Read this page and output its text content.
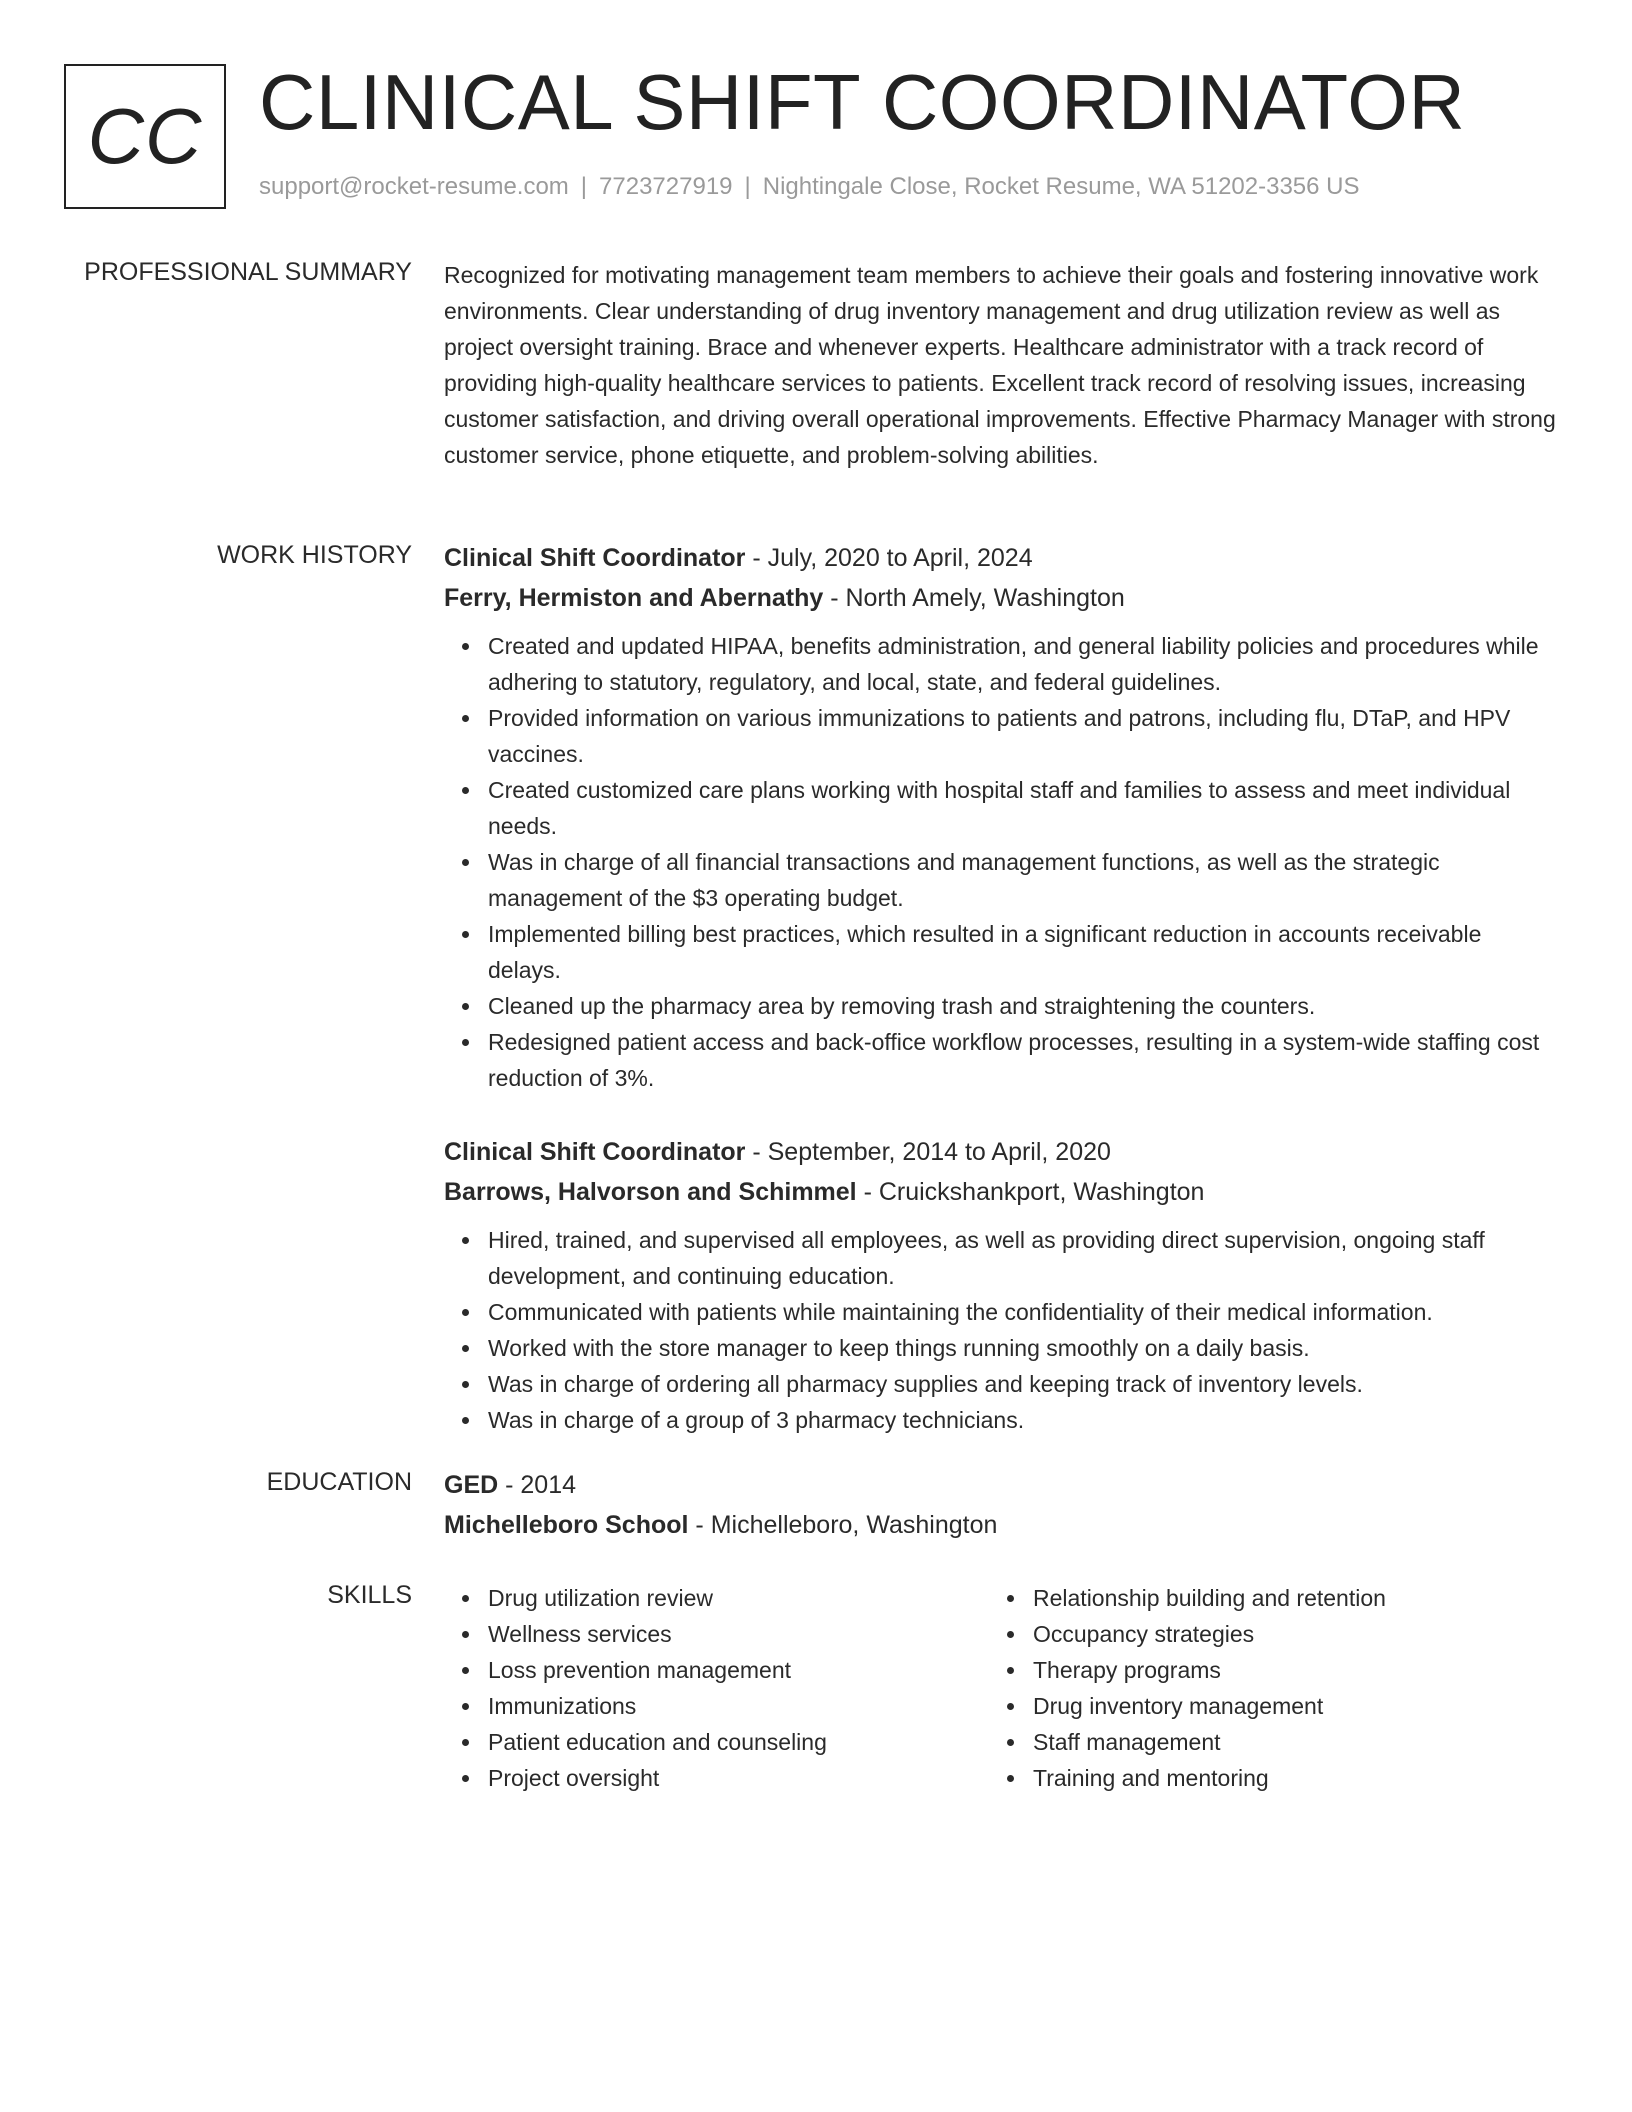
CC CLINICAL SHIFT COORDINATOR
support@rocket-resume.com | 7723727919 | Nightingale Close, Rocket Resume, WA 51202-3356 US
PROFESSIONAL SUMMARY Recognized for motivating management team members to achieve their goals and fostering innovative work environments. Clear understanding of drug inventory management and drug utilization review as well as project oversight training. Brace and whenever experts. Healthcare administrator with a track record of providing high-quality healthcare services to patients. Excellent track record of resolving issues, increasing customer satisfaction, and driving overall operational improvements. Effective Pharmacy Manager with strong customer service, phone etiquette, and problem-solving abilities.

WORK HISTORY Clinical Shift Coordinator - July, 2020 to April, 2024
Ferry, Hermiston and Abernathy - North Amely, Washington
Created and updated HIPAA, benefits administration, and general liability policies and procedures while adhering to statutory, regulatory, and local, state, and federal guidelines.
Provided information on various immunizations to patients and patrons, including flu, DTaP, and HPV vaccines.
Created customized care plans working with hospital staff and families to assess and meet individual needs.
Was in charge of all financial transactions and management functions, as well as the strategic management of the $3 operating budget.
Implemented billing best practices, which resulted in a significant reduction in accounts receivable delays.
Cleaned up the pharmacy area by removing trash and straightening the counters.
Redesigned patient access and back-office workflow processes, resulting in a system-wide staffing cost reduction of 3%.
Clinical Shift Coordinator - September, 2014 to April, 2020
Barrows, Halvorson and Schimmel - Cruickshankport, Washington
Hired, trained, and supervised all employees, as well as providing direct supervision, ongoing staff development, and continuing education.
Communicated with patients while maintaining the confidentiality of their medical information.
Worked with the store manager to keep things running smoothly on a daily basis.
Was in charge of ordering all pharmacy supplies and keeping track of inventory levels.
Was in charge of a group of 3 pharmacy technicians.
EDUCATION GED - 2014
Michelleboro School - Michelleboro, Washington
SKILLS	Drug utilization review
Wellness services
Loss prevention management
Immunizations
Patient education and counseling
Project oversight
Relationship building and retention
Occupancy strategies
Therapy programs
Drug inventory management
Staff management
Training and mentoring
